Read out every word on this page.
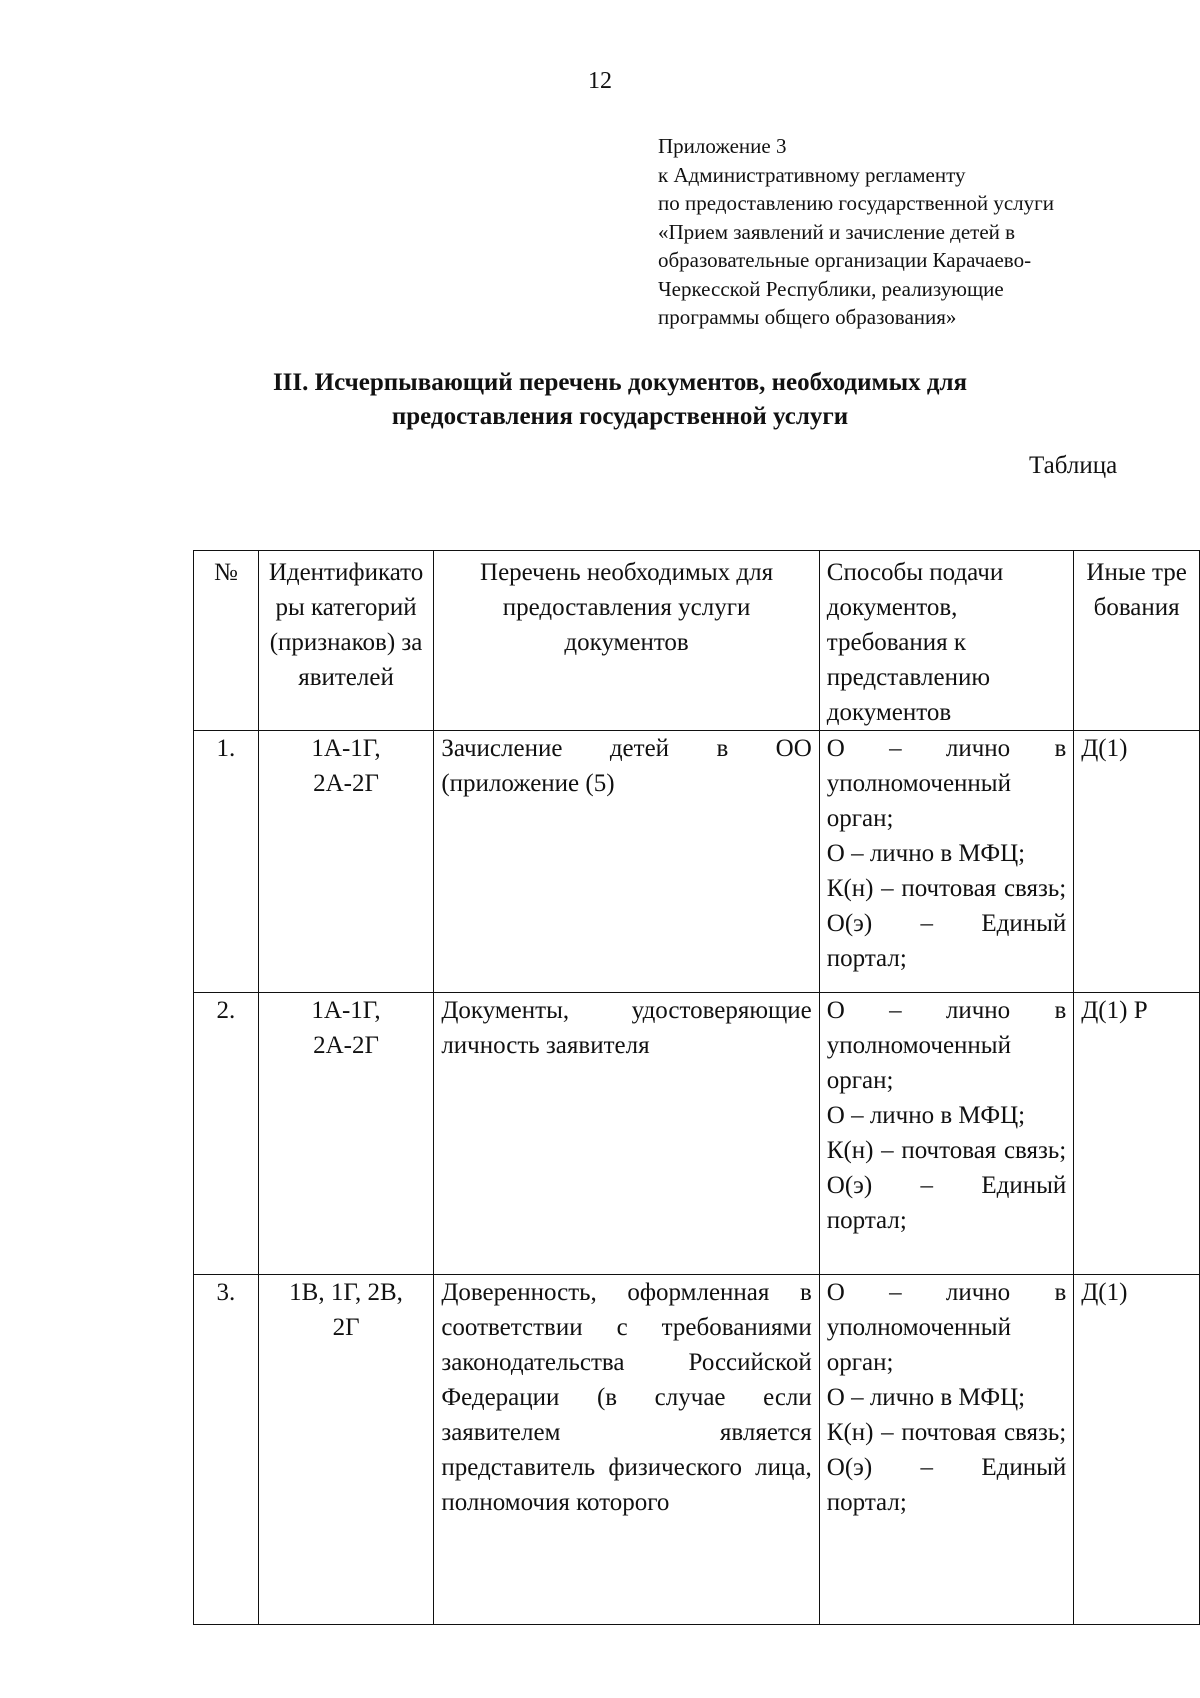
12
Приложение 3
к Административному регламенту
по предоставлению государственной услуги
«Прием заявлений и зачисление детей в
образовательные организации Карачаево-
Черкесской Республики, реализующие
программы общего образования»
III. Исчерпывающий перечень документов, необходимых для
предоставления государственной услуги
Таблица
№	Идентификаторы категорий (признаков) заявителей	Перечень необходимых для предоставления услуги документов	Способы подачи документов, требования к представлению документов	Иные требования
1.	1А-1Г, 2А-2Г	Зачисление детей в ОО (приложение (5)	О – лично в уполномоченный орган;
О – лично в МФЦ;
К(н) – почтовая связь;
О(э) – Единый портал;	Д(1)
2.	1А-1Г, 2А-2Г	Документы, удостоверяющие личность заявителя	О – лично в уполномоченный орган;
О – лично в МФЦ;
К(н) – почтовая связь;
О(э) – Единый портал;	Д(1) Р
3.	1В, 1Г, 2В, 2Г	Доверенность, оформленная в соответствии с требованиями законодательства Российской Федерации (в случае если заявителем является представитель физического лица, полномочия которого	О – лично в уполномоченный орган;
О – лично в МФЦ;
К(н) – почтовая связь;
О(э) – Единый портал;	Д(1)
